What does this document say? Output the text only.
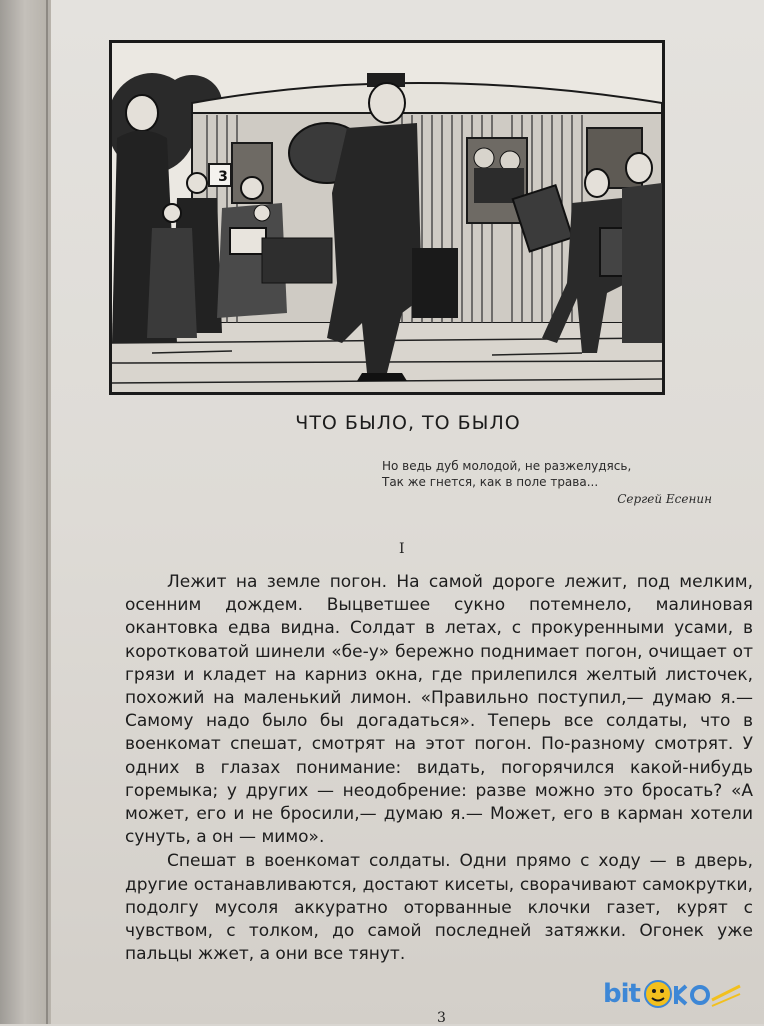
3
ЧТО БЫЛО, ТО БЫЛО
Но ведь дуб молодой, не разжелудясь,
Так же гнется, как в поле трава...
Сергей Есенин
I

Лежит на земле погон. На самой дороге лежит, под мелким, осенним дождем. Выцветшее сукно потемнело, малиновая окантовка едва видна. Солдат в летах, с прокуренными усами, в коротковатой шинели «бе-у» бережно поднимает погон, очищает от грязи и кладет на карниз окна, где прилепился желтый листочек, похожий на маленький лимон. «Правильно поступил,— думаю я.— Самому надо было бы догадаться». Теперь все солдаты, что в военкомат спешат, смотрят на этот погон. По-разному смотрят. У одних в глазах понимание: видать, погорячился какой-нибудь горемыка; у других — неодобрение: разве можно это бросать? «А может, его и не бросили,— думаю я.— Может, его в карман хотели сунуть, а он — мимо».

Спешат в военкомат солдаты. Одни прямо с ходу — в дверь, другие останавливаются, достают кисеты, сворачивают самокрутки, подолгу мусоля аккуратно оторванные клочки газет, курят с чувством, с толком, до самой последней затяжки. Огонек уже пальцы жжет, а они все тянут.

3
bit
